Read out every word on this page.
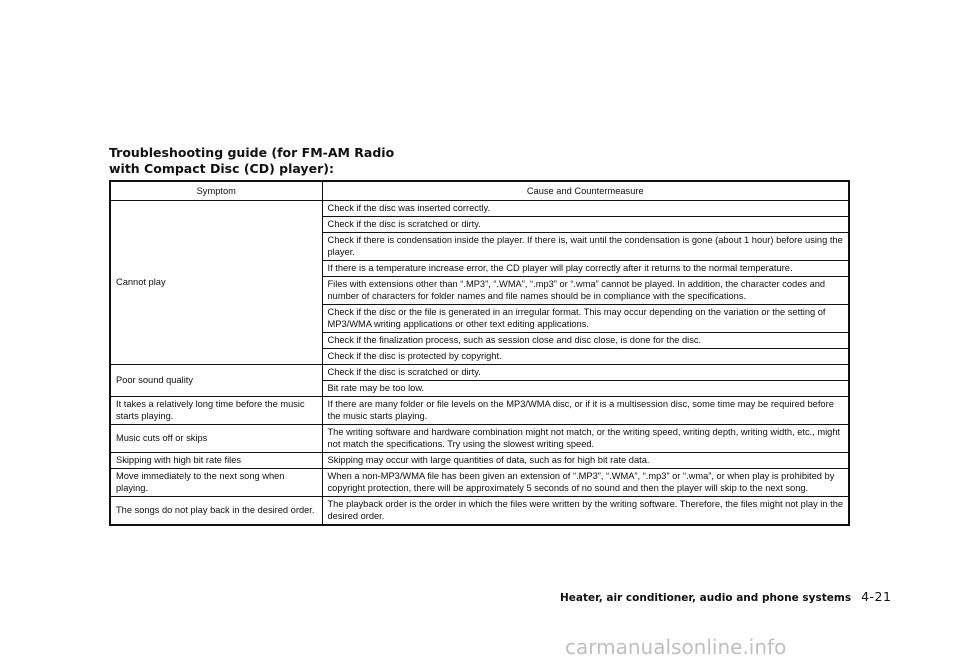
Troubleshooting guide (for FM-AM Radio
with Compact Disc (CD) player):
Symptom	Cause and Countermeasure
Cannot play	Check if the disc was inserted correctly.
	Check if the disc is scratched or dirty.
	Check if there is condensation inside the player. If there is, wait until the condensation is gone (about 1 hour) before using the player.
	If there is a temperature increase error, the CD player will play correctly after it returns to the normal temperature.
	Files with extensions other than “.MP3”, “.WMA”, “.mp3” or “.wma” cannot be played. In addition, the character codes and number of characters for folder names and file names should be in compliance with the specifications.
	Check if the disc or the file is generated in an irregular format. This may occur depending on the variation or the setting of MP3/WMA writing applications or other text editing applications.
	Check if the finalization process, such as session close and disc close, is done for the disc.
	Check if the disc is protected by copyright.
Poor sound quality	Check if the disc is scratched or dirty.
	Bit rate may be too low.
It takes a relatively long time before the music starts playing.	If there are many folder or file levels on the MP3/WMA disc, or if it is a multisession disc, some time may be required before the music starts playing.
Music cuts off or skips	The writing software and hardware combination might not match, or the writing speed, writing depth, writing width, etc., might not match the specifications. Try using the slowest writing speed.
Skipping with high bit rate files	Skipping may occur with large quantities of data, such as for high bit rate data.
Move immediately to the next song when playing.	When a non-MP3/WMA file has been given an extension of “.MP3”, “.WMA”, “.mp3” or “.wma”, or when play is prohibited by copyright protection, there will be approximately 5 seconds of no sound and then the player will skip to the next song.
The songs do not play back in the desired order.	The playback order is the order in which the files were written by the writing software. Therefore, the files might not play in the desired order.
Heater, air conditioner, audio and phone systems 4-21
carmanualsonline.info
